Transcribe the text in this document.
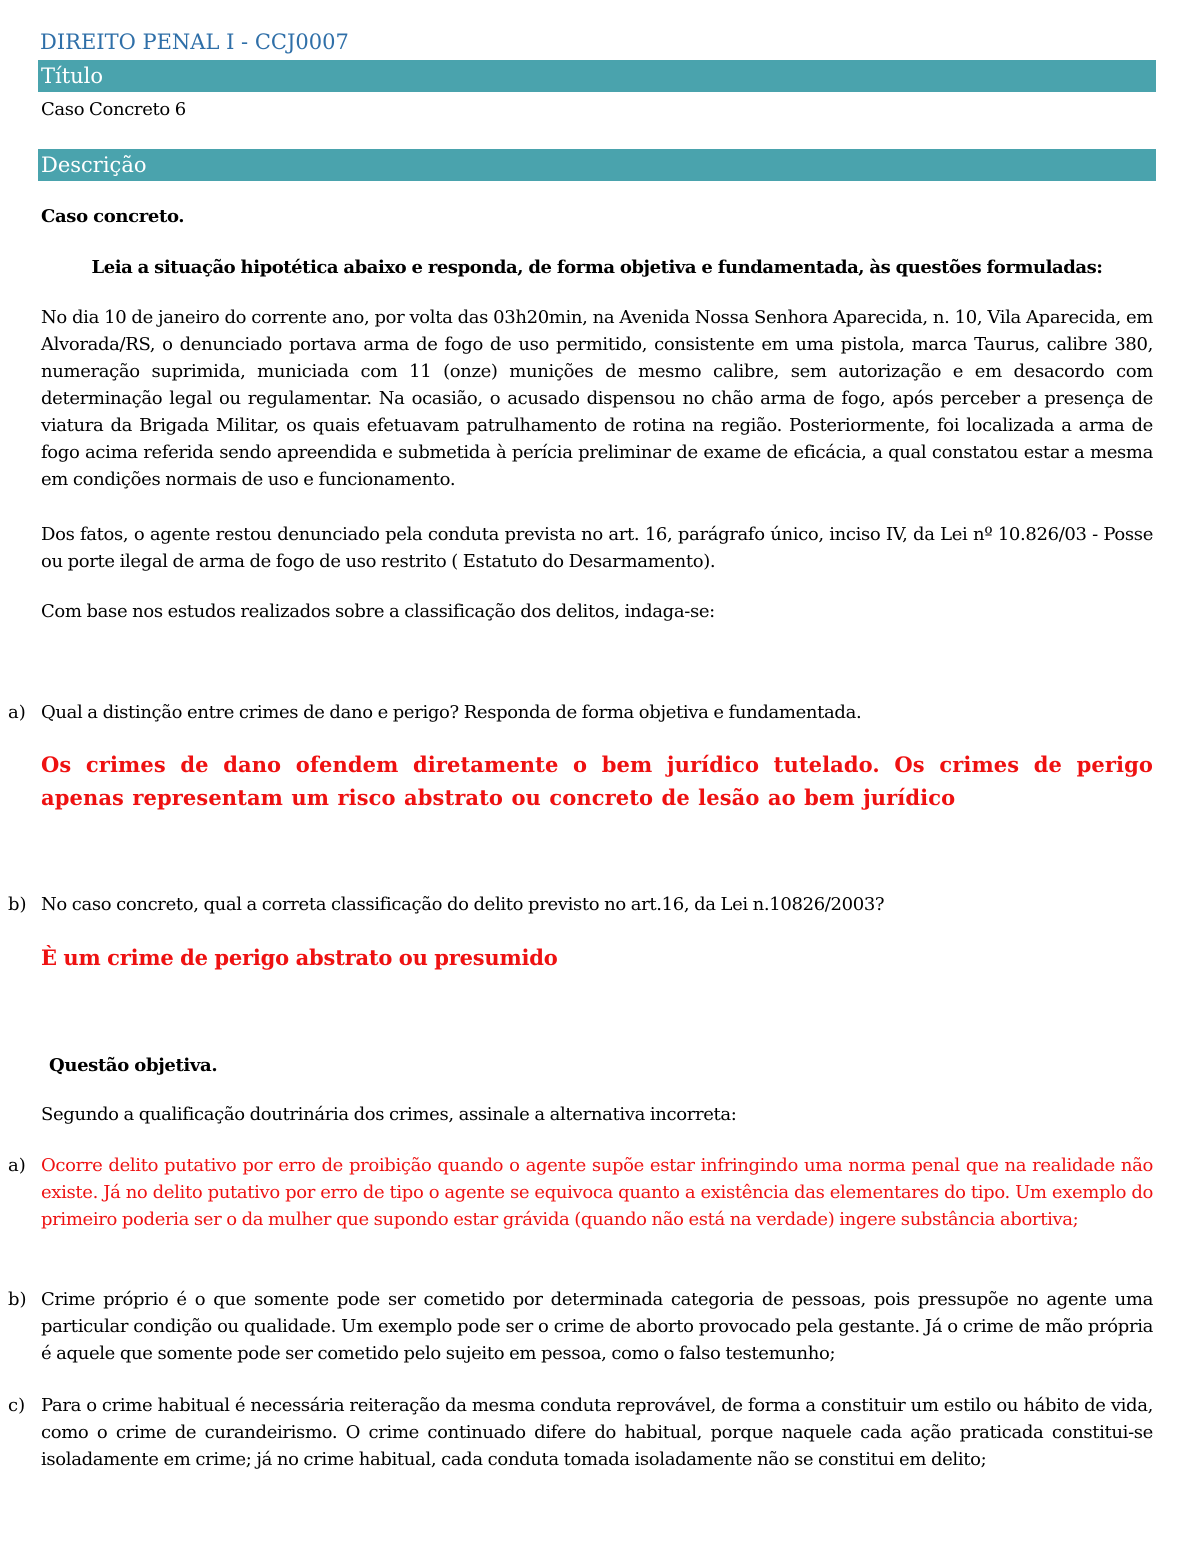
DIREITO PENAL I - CCJ0007
Título
Caso Concreto 6
Descrição
Caso concreto.
Leia a situação hipotética abaixo e responda, de forma objetiva e fundamentada, às questões formuladas:
No dia 10 de janeiro do corrente ano, por volta das 03h20min, na Avenida Nossa Senhora Aparecida, n. 10, Vila Aparecida, em Alvorada/RS, o denunciado portava arma de fogo de uso permitido, consistente em uma pistola, marca Taurus, calibre 380, numeração suprimida, municiada com 11 (onze) munições de mesmo calibre, sem autorização e em desacordo com determinação legal ou regulamentar. Na ocasião, o acusado dispensou no chão arma de fogo, após perceber a presença de viatura da Brigada Militar, os quais efetuavam patrulhamento de rotina na região. Posteriormente, foi localizada a arma de fogo acima referida sendo apreendida e submetida à perícia preliminar de exame de eficácia, a qual constatou estar a mesma em condições normais de uso e funcionamento.
Dos fatos, o agente restou denunciado pela conduta prevista no art. 16, parágrafo único, inciso IV, da Lei nº 10.826/03 - Posse ou porte ilegal de arma de fogo de uso restrito ( Estatuto do Desarmamento).
Com base nos estudos realizados sobre a classificação dos delitos, indaga-se:
a) Qual a distinção entre crimes de dano e perigo? Responda de forma objetiva e fundamentada.
Os crimes de dano ofendem diretamente o bem jurídico tutelado. Os crimes de perigo apenas representam um risco abstrato ou concreto de lesão ao bem jurídico
b) No caso concreto, qual a correta classificação do delito previsto no art.16, da Lei n.10826/2003?
È um crime de perigo abstrato ou presumido
Questão objetiva.
Segundo a qualificação doutrinária dos crimes, assinale a alternativa incorreta:
a) Ocorre delito putativo por erro de proibição quando o agente supõe estar infringindo uma norma penal que na realidade não existe. Já no delito putativo por erro de tipo o agente se equivoca quanto a existência das elementares do tipo. Um exemplo do primeiro poderia ser o da mulher que supondo estar grávida (quando não está na verdade) ingere substância abortiva;
b) Crime próprio é o que somente pode ser cometido por determinada categoria de pessoas, pois pressupõe no agente uma particular condição ou qualidade. Um exemplo pode ser o crime de aborto provocado pela gestante. Já o crime de mão própria é aquele que somente pode ser cometido pelo sujeito em pessoa, como o falso testemunho;
c) Para o crime habitual é necessária reiteração da mesma conduta reprovável, de forma a constituir um estilo ou hábito de vida, como o crime de curandeirismo. O crime continuado difere do habitual, porque naquele cada ação praticada constitui-se isoladamente em crime; já no crime habitual, cada conduta tomada isoladamente não se constitui em delito;
